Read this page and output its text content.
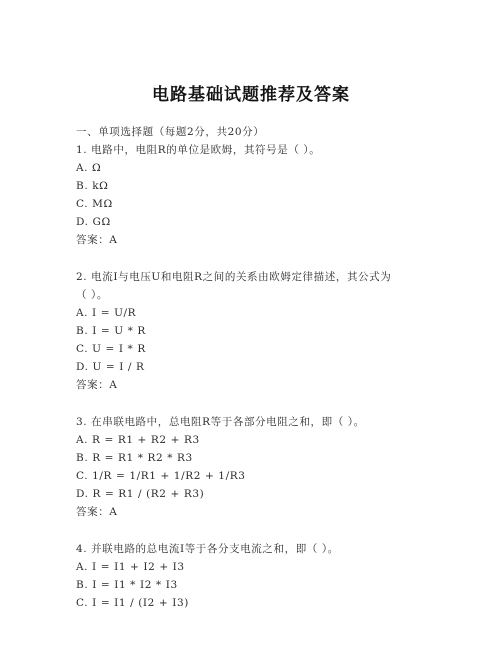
电路基础试题推荐及答案
一、单项选择题（每题2分，共20分）
1. 电路中，电阻R的单位是欧姆，其符号是（ ）。
A. Ω
B. kΩ
C. MΩ
D. GΩ
答案：A
2. 电流I与电压U和电阻R之间的关系由欧姆定律描述，其公式为
（ ）。
A. I = U/R
B. I = U * R
C. U = I * R
D. U = I / R
答案：A
3. 在串联电路中，总电阻R等于各部分电阻之和，即（ ）。
A. R = R1 + R2 + R3
B. R = R1 * R2 * R3
C. 1/R = 1/R1 + 1/R2 + 1/R3
D. R = R1 / (R2 + R3)
答案：A
4. 并联电路的总电流I等于各分支电流之和，即（ ）。
A. I = I1 + I2 + I3
B. I = I1 * I2 * I3
C. I = I1 / (I2 + I3)
